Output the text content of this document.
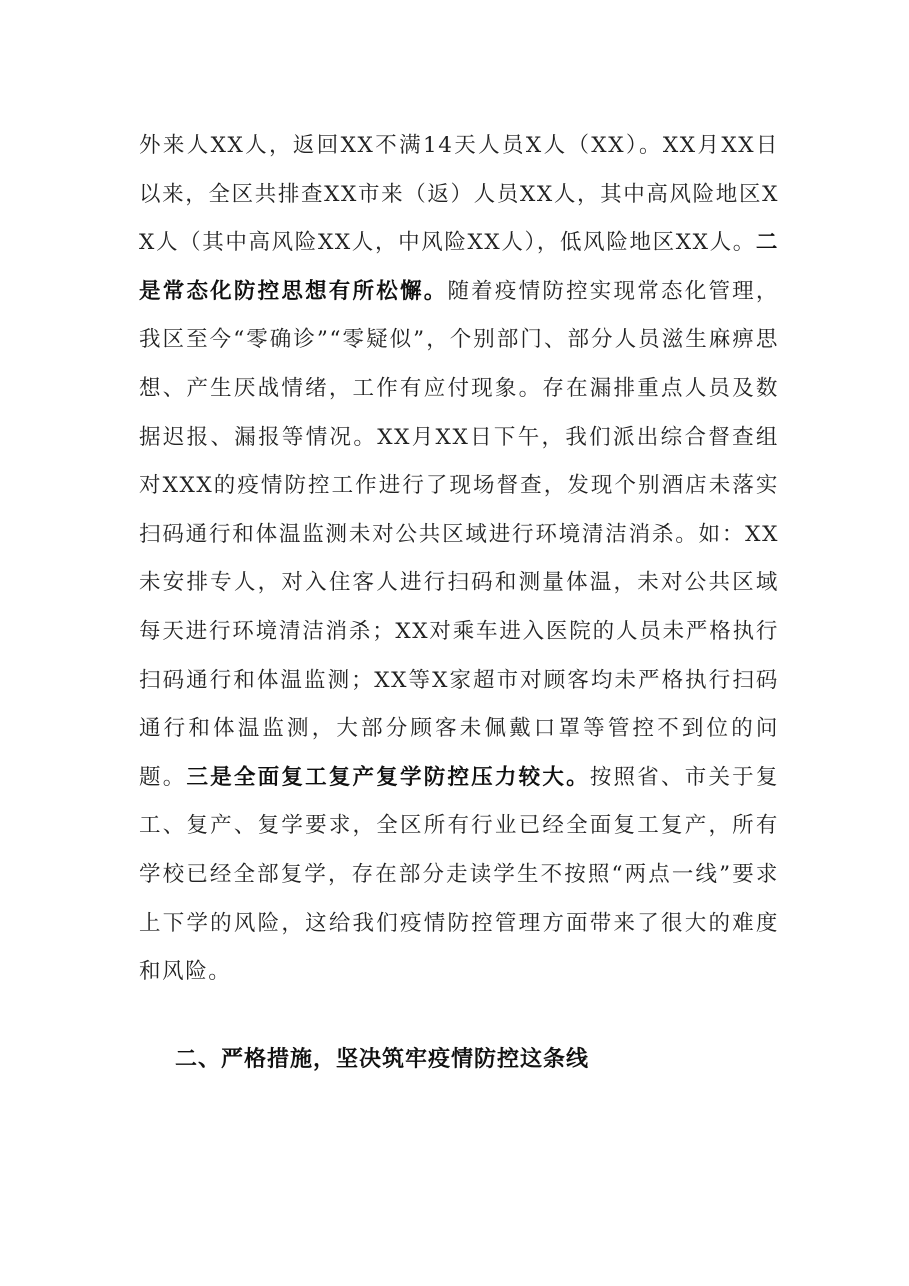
外来人XX人，返回XX不满14天人员X人（XX）。XX月XX日以来，全区共排查XX市来（返）人员XX人，其中高风险地区XX人（其中高风险XX人，中风险XX人），低风险地区XX人。二是常态化防控思想有所松懈。随着疫情防控实现常态化管理，我区至今“零确诊”“零疑似”，个别部门、部分人员滋生麻痹思想、产生厌战情绪，工作有应付现象。存在漏排重点人员及数据迟报、漏报等情况。XX月XX日下午，我们派出综合督查组对XXX的疫情防控工作进行了现场督查，发现个别酒店未落实扫码通行和体温监测未对公共区域进行环境清洁消杀。如：XX未安排专人，对入住客人进行扫码和测量体温，未对公共区域每天进行环境清洁消杀；XX对乘车进入医院的人员未严格执行扫码通行和体温监测；XX等X家超市对顾客均未严格执行扫码通行和体温监测，大部分顾客未佩戴口罩等管控不到位的问题。三是全面复工复产复学防控压力较大。按照省、市关于复工、复产、复学要求，全区所有行业已经全面复工复产，所有学校已经全部复学，存在部分走读学生不按照“两点一线”要求上下学的风险，这给我们疫情防控管理方面带来了很大的难度和风险。

二、严格措施，坚决筑牢疫情防控这条线
